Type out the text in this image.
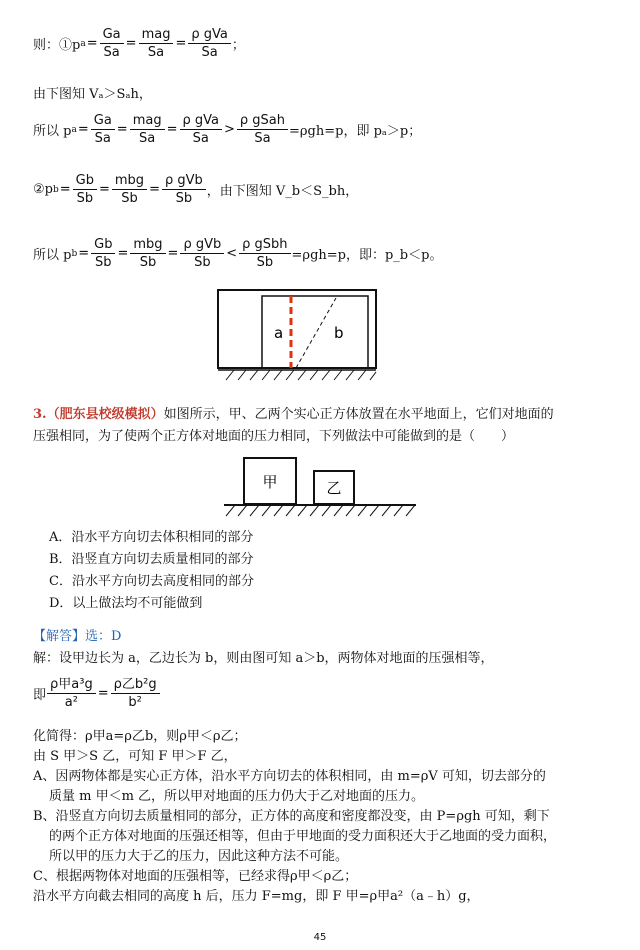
则：①p $a = \frac{Ga}{Sa} = \frac{\text{mag}}{Sa} = \frac{\text{ρ gVa}}{Sa}$ ；
由下图知 Vₐ＞Sₐh，
所以 p $a = \frac{Ga}{Sa} = \frac{\text{mag}}{Sa} = \frac{\text{ρ gVa}}{Sa} > \frac{\text{ρ gSah}}{Sa} =\rho gh=p$，即 pₐ＞p；
②p $b = \frac{Gb}{Sb} = \frac{\text{mbg}}{Sb} = \frac{\text{ρ gVb}}{Sb}$ ，由下图知 V_b＜S_bh，
所以 p $b = \frac{Gb}{Sb} = \frac{\text{mbg}}{Sb} = \frac{\text{ρ gVb}}{Sb} < \frac{\text{ρ gSbh}}{Sb} =\rho gh=p$，即：p_b＜p。
a	b
3.（肥东县校级模拟）如图所示，甲、乙两个实心正方体放置在水平地面上，它们对地面的
压强相同，为了使两个正方体对地面的压力相同，下列做法中可能做到的是（　　）
甲	乙
A．沿水平方向切去体积相同的部分
B．沿竖直方向切去质量相同的部分
C．沿水平方向切去高度相同的部分
D．以上做法均不可能做到
【解答】选：D
解：设甲边长为 a，乙边长为 b，则由图可知 a＞b，两物体对地面的压强相等，
即 $\frac{\text{ρ甲a³g}}{\text{a²}} = \frac{\text{ρ乙b²g}}{\text{b²}}$
化简得：ρ甲a=ρ乙b，则ρ甲＜ρ乙；
由 S 甲＞S 乙，可知 F 甲＞F 乙，
A、因两物体都是实心正方体，沿水平方向切去的体积相同，由 m=ρV 可知，切去部分的
质量 m 甲＜m 乙，所以甲对地面的压力仍大于乙对地面的压力。
B、沿竖直方向切去质量相同的部分，正方体的高度和密度都没变，由 P=ρgh 可知，剩下
的两个正方体对地面的压强还相等，但由于甲地面的受力面积还大于乙地面的受力面积，
所以甲的压力大于乙的压力，因此这种方法不可能。
C、根据两物体对地面的压强相等，已经求得ρ甲＜ρ乙；
沿水平方向截去相同的高度 h 后，压力 F=mg，即 F 甲=ρ甲a²（a﹣h）g，
45
